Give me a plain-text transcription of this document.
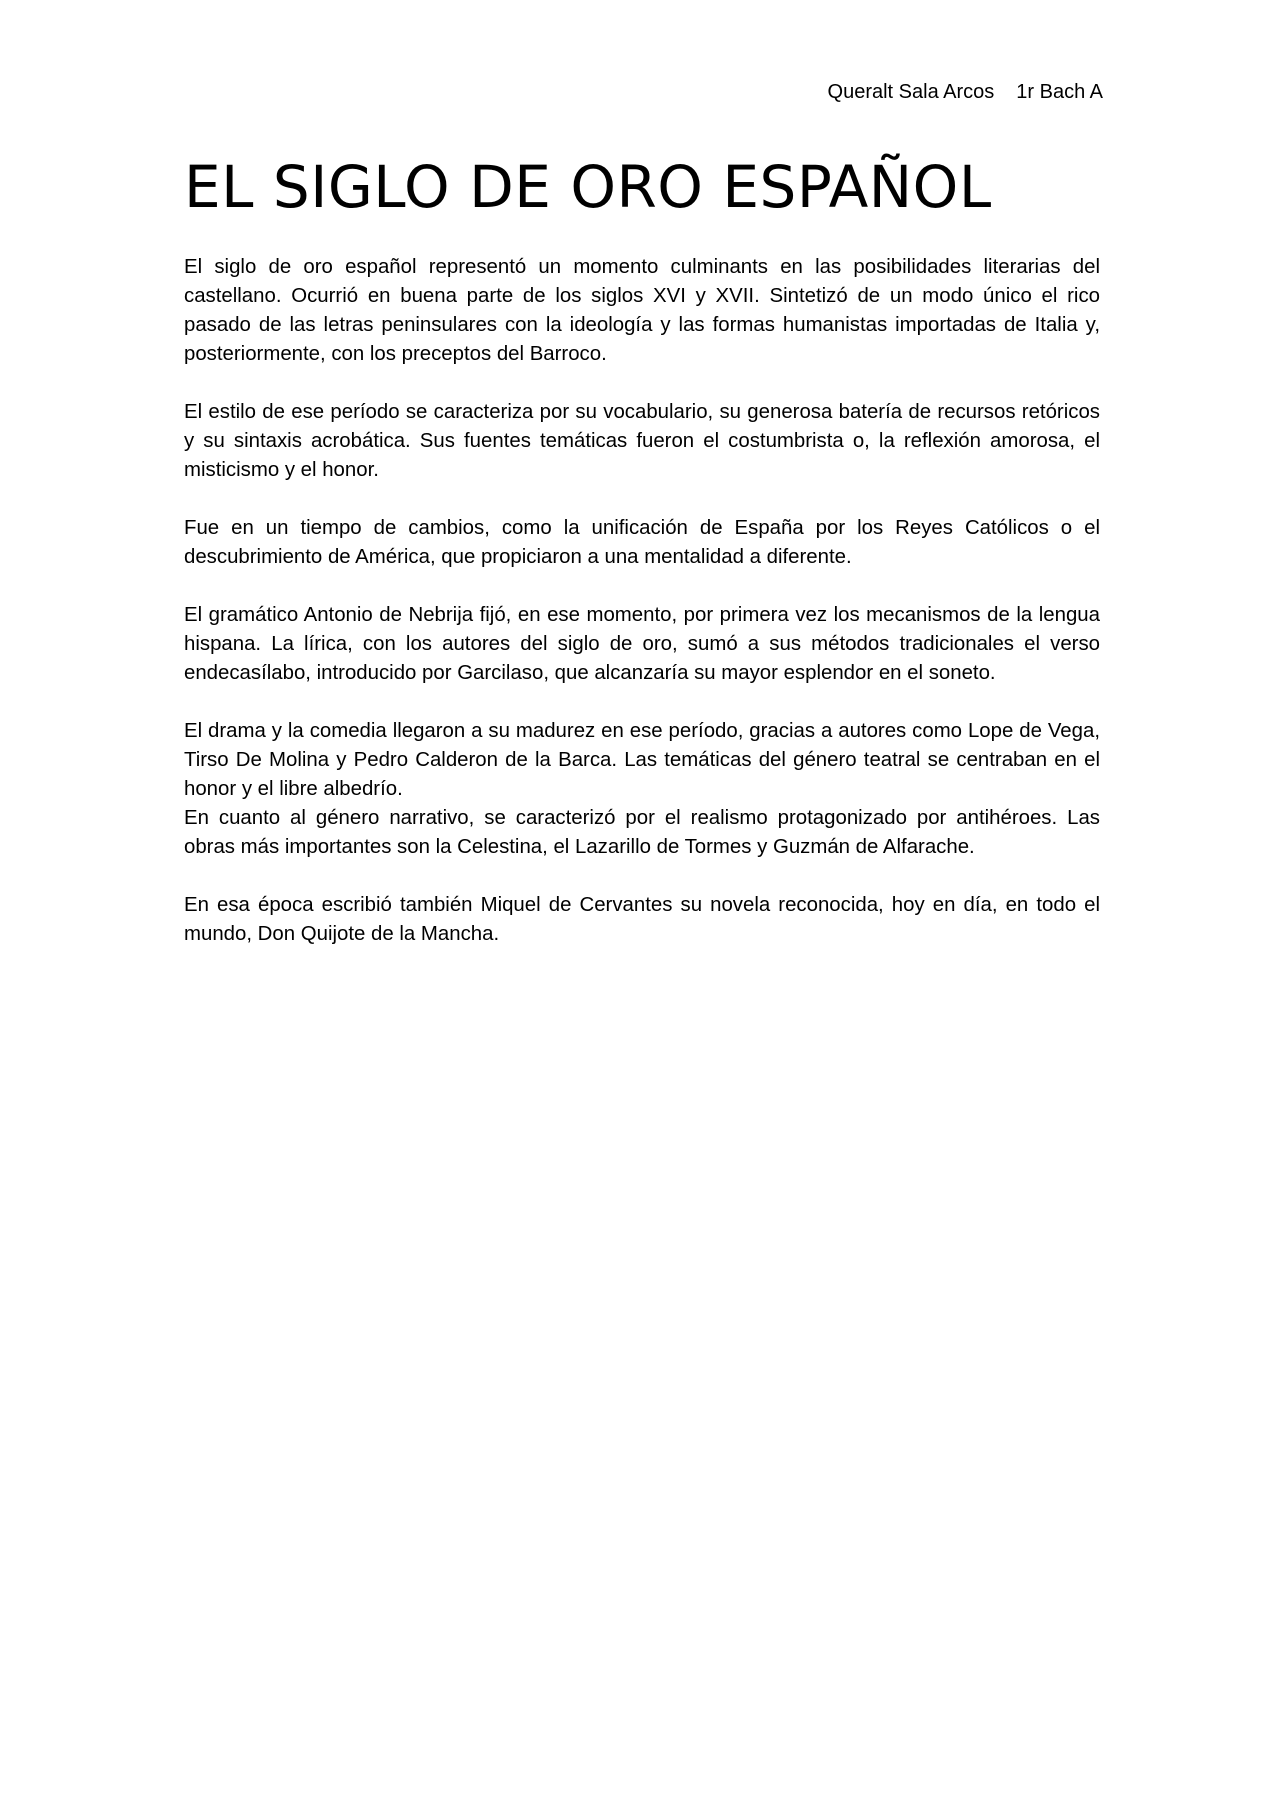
Queralt Sala Arcos 1r Bach A
EL SIGLO DE ORO ESPAÑOL

El siglo de oro español representó un momento culminants en las posibilidades literarias del castellano. Ocurrió en buena parte de los siglos XVI y XVII. Sintetizó de un modo único el rico pasado de las letras peninsulares con la ideología y las formas humanistas importadas de Italia y, posteriormente, con los preceptos del Barroco.

El estilo de ese período se caracteriza por su vocabulario, su generosa batería de recursos retóricos y su sintaxis acrobática. Sus fuentes temáticas fueron el costumbrista o, la reflexión amorosa, el misticismo y el honor.

Fue en un tiempo de cambios, como la unificación de España por los Reyes Católicos o el descubrimiento de América, que propiciaron a una mentalidad a diferente.

El gramático Antonio de Nebrija fijó, en ese momento, por primera vez los mecanismos de la lengua hispana. La lírica, con los autores del siglo de oro, sumó a sus métodos tradicionales el verso endecasílabo, introducido por Garcilaso, que alcanzaría su mayor esplendor en el soneto.

El drama y la comedia llegaron a su madurez en ese período, gracias a autores como Lope de Vega, Tirso De Molina y Pedro Calderon de la Barca. Las temáticas del género teatral se centraban en el honor y el libre albedrío.

En cuanto al género narrativo, se caracterizó por el realismo protagonizado por antihéroes. Las obras más importantes son la Celestina, el Lazarillo de Tormes y Guzmán de Alfarache.

En esa época escribió también Miquel de Cervantes su novela reconocida, hoy en día, en todo el mundo, Don Quijote de la Mancha.
